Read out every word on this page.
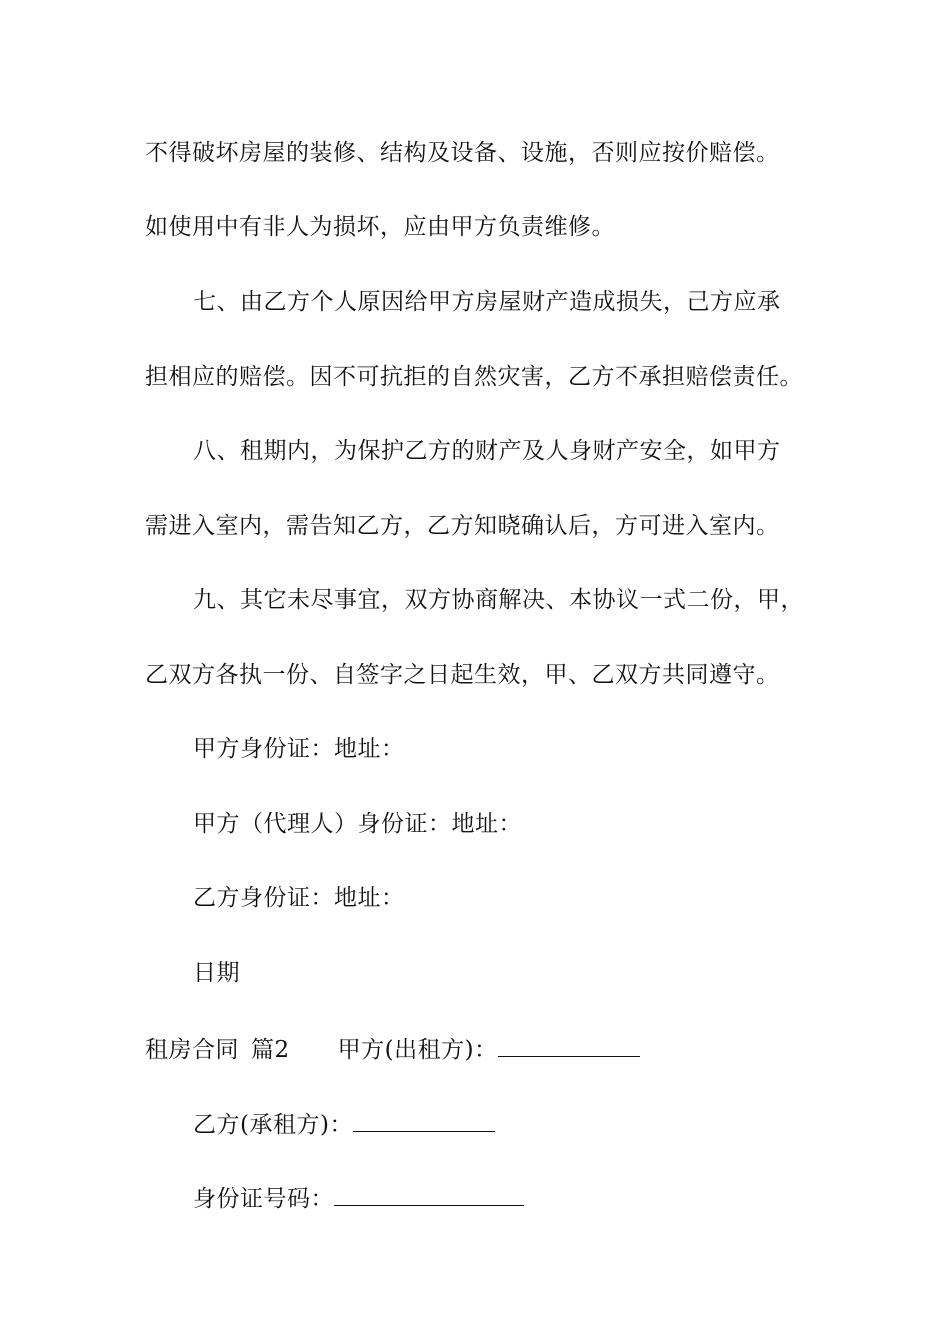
不得破坏房屋的装修、结构及设备、设施，否则应按价赔偿。
如使用中有非人为损坏，应由甲方负责维修。
七、由乙方个人原因给甲方房屋财产造成损失，己方应承
担相应的赔偿。因不可抗拒的自然灾害，乙方不承担赔偿责任。
八、租期内，为保护乙方的财产及人身财产安全，如甲方
需进入室内，需告知乙方，乙方知晓确认后，方可进入室内。
九、其它未尽事宜，双方协商解决、本协议一式二份，甲，
乙双方各执一份、自签字之日起生效，甲、乙双方共同遵守。
甲方身份证：地址：
甲方（代理人）身份证：地址：
乙方身份证：地址：
日期
租房合同 篇2 甲方(出租方)：
乙方(承租方)：
身份证号码：
